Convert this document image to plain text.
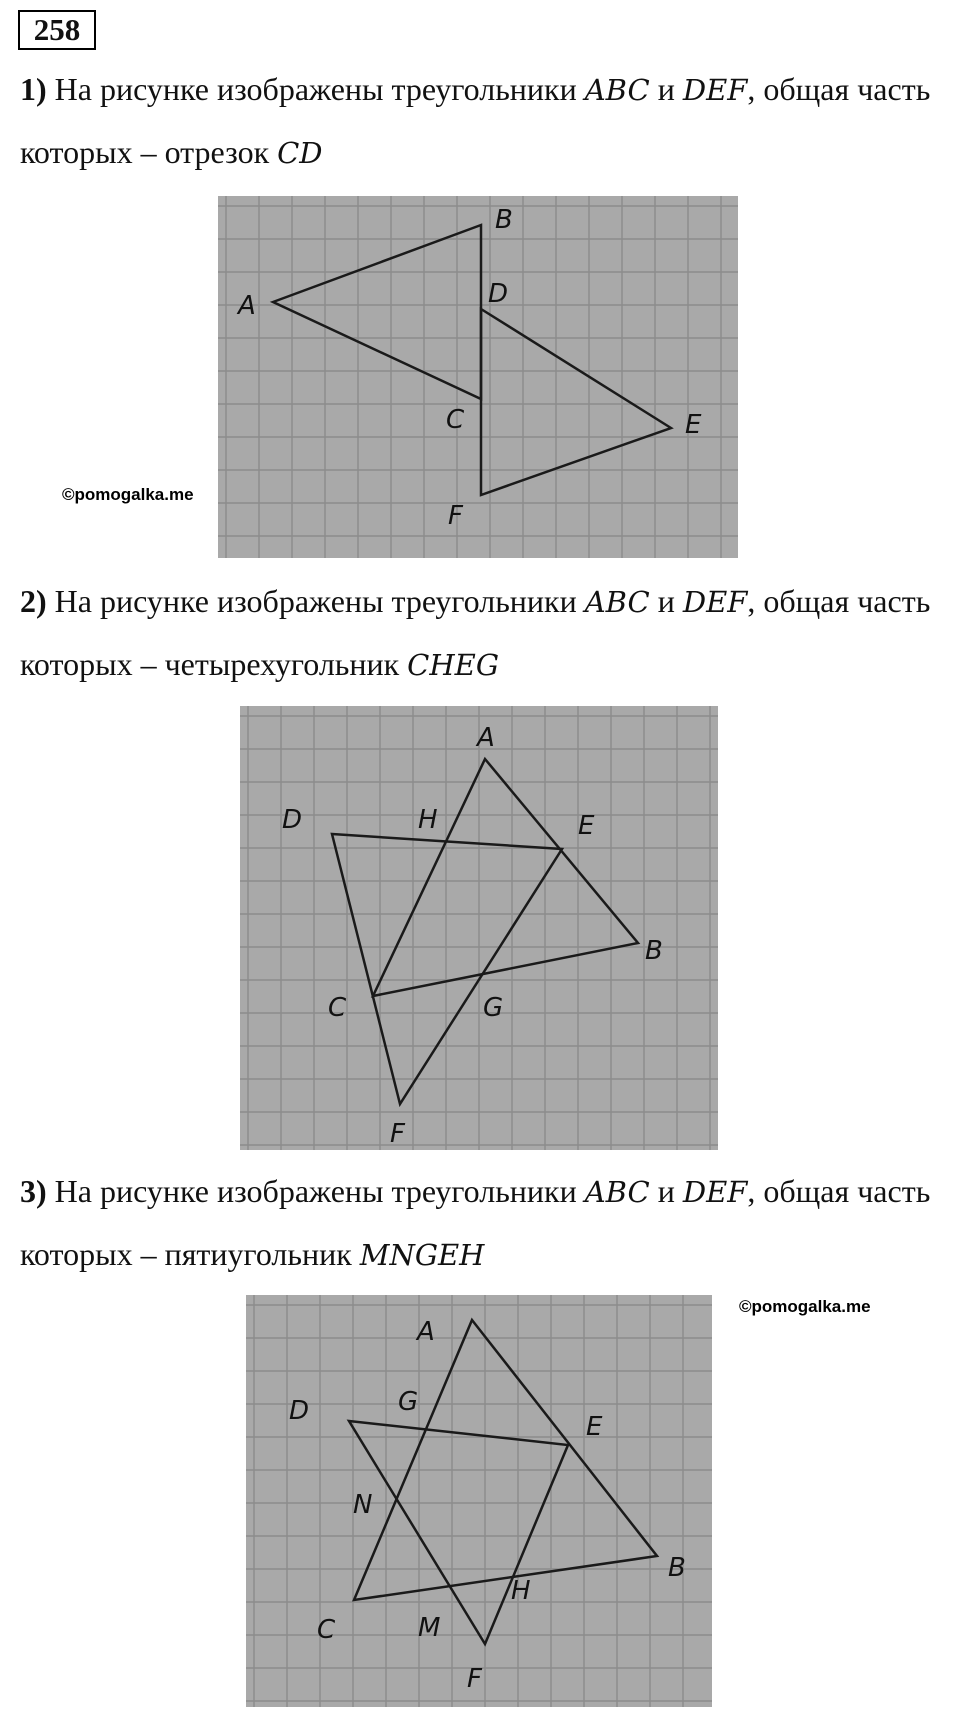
258
1) На рисунке изображены треугольники ABC и DEF, общая часть которых – отрезок CD
A
B
C
D
E
F
©pomogalka.me
2) На рисунке изображены треугольники ABC и DEF, общая часть которых – четырехугольник CHEG
A
B
C
D	E
F
G
H
3) На рисунке изображены треугольники ABC и DEF, общая часть которых – пятиугольник MNGEH
A
B
C
D
E
F
G
H
M
N
©pomogalka.me
